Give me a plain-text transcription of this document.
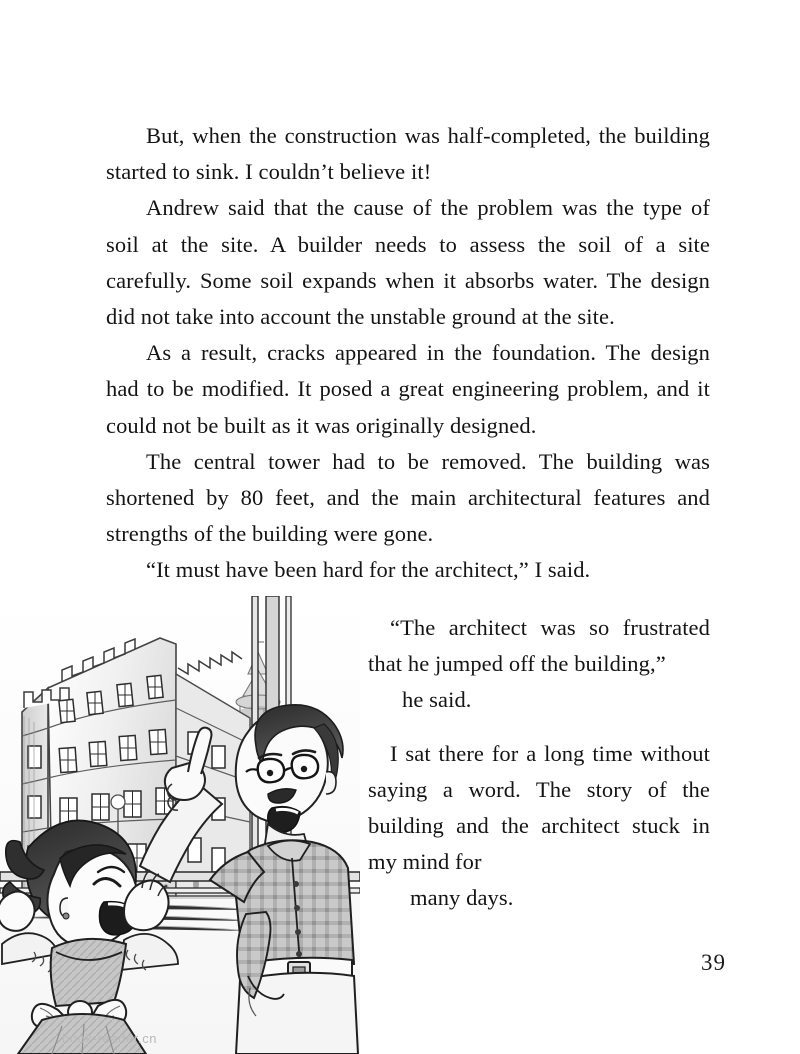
But, when the construction was half-completed, the building started to sink. I couldn’t believe it!

Andrew said that the cause of the problem was the type of soil at the site. A builder needs to assess the soil of a site carefully. Some soil expands when it absorbs water. The design did not take into account the unstable ground at the site.

As a result, cracks appeared in the foundation. The design had to be modified. It posed a great engineering problem, and it could not be built as it was originally designed.

The central tower had to be removed. The building was shortened by 80 feet, and the main architectural features and strengths of the building were gone.

“It must have been hard for the architect,” I said.

“The architect was so frustrated that he jumped off the building,”

he said.

I sat there for a long time without saying a word. The story of the building and the architect stuck in my mind for

many days.

39
book-reader.cn
